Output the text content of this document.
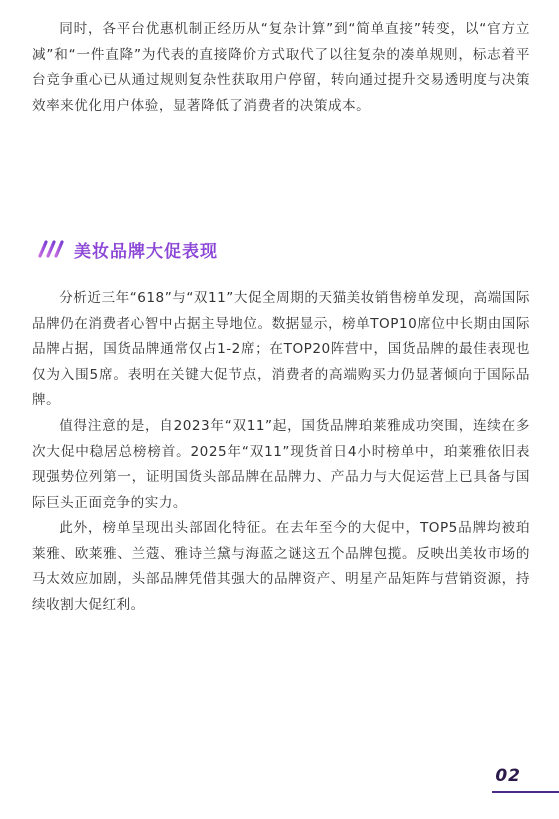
同时，各平台优惠机制正经历从“复杂计算”到“简单直接”转变，以“官方立减”和“一件直降”为代表的直接降价方式取代了以往复杂的凑单规则，标志着平台竞争重心已从通过规则复杂性获取用户停留，转向通过提升交易透明度与决策效率来优化用户体验，显著降低了消费者的决策成本。

美妆品牌大促表现

分析近三年“618”与“双11”大促全周期的天猫美妆销售榜单发现，高端国际品牌仍在消费者心智中占据主导地位。数据显示，榜单TOP10席位中长期由国际品牌占据，国货品牌通常仅占1-2席；在TOP20阵营中，国货品牌的最佳表现也仅为入围5席。表明在关键大促节点，消费者的高端购买力仍显著倾向于国际品牌。

值得注意的是，自2023年“双11”起，国货品牌珀莱雅成功突围，连续在多次大促中稳居总榜榜首。2025年“双11”现货首日4小时榜单中，珀莱雅依旧表现强势位列第一，证明国货头部品牌在品牌力、产品力与大促运营上已具备与国际巨头正面竞争的实力。

此外，榜单呈现出头部固化特征。在去年至今的大促中，TOP5品牌均被珀莱雅、欧莱雅、兰蔻、雅诗兰黛与海蓝之谜这五个品牌包揽。反映出美妆市场的马太效应加剧，头部品牌凭借其强大的品牌资产、明星产品矩阵与营销资源，持续收割大促红利。

02
